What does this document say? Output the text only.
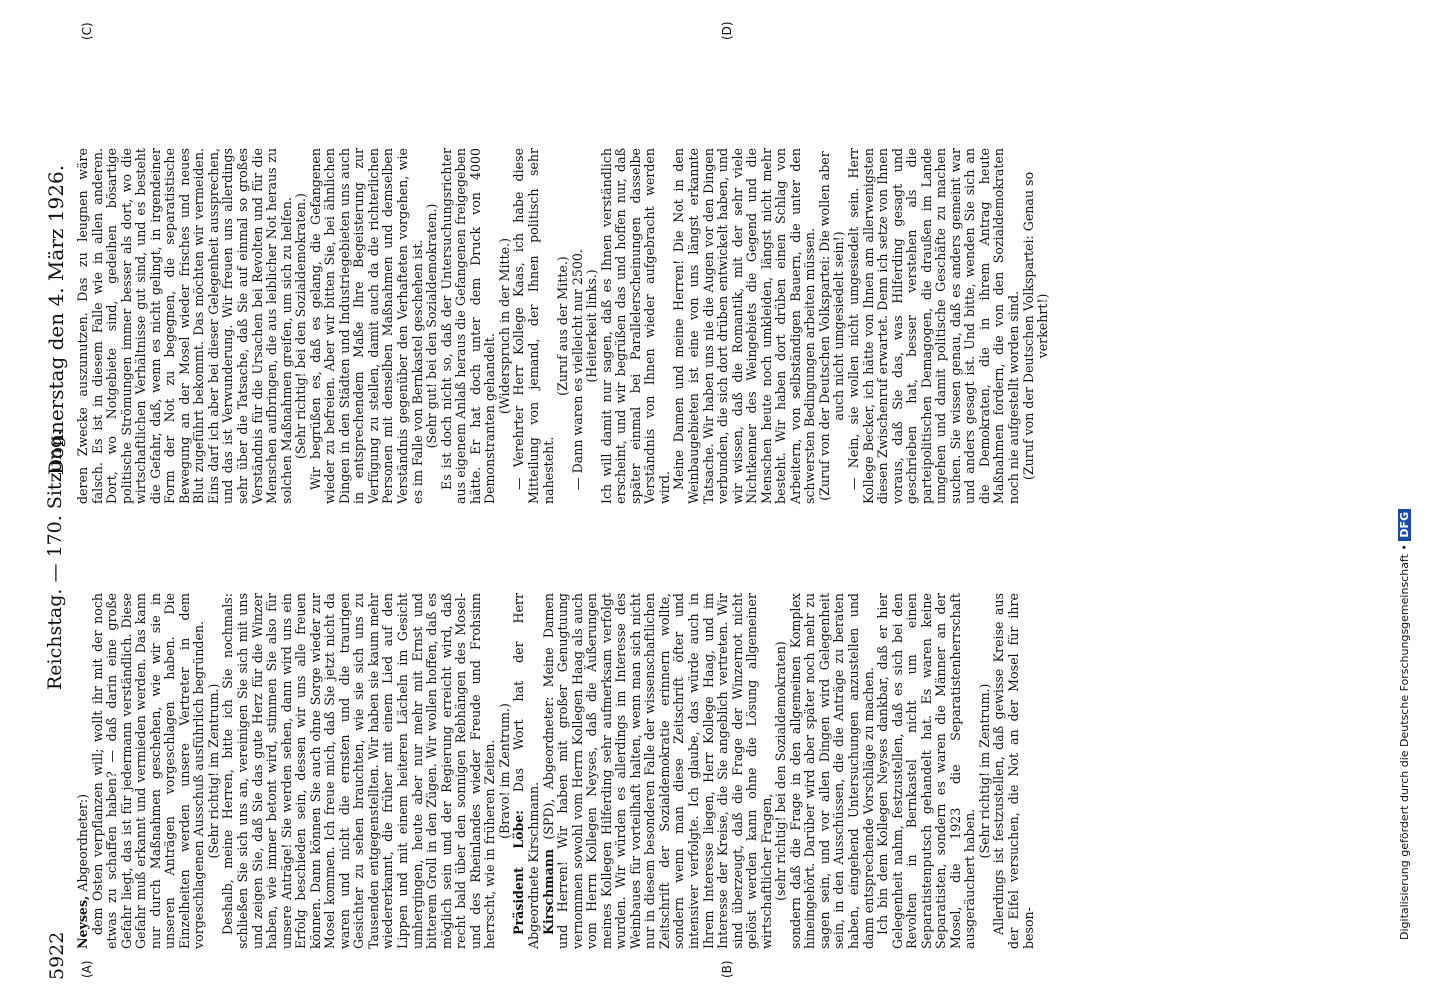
5922
Reichstag. — 170. Sitzung.
Donnerstag den 4. März 1926.
(A)	(B)
(C)	(D)

Neyses, Abgeordneter:) dem Osten verpflanzen will; wollt ihr mit der noch etwas zu schaffen haben? — daß darin eine große Gefahr liegt, das ist für jedermann verständlich. Diese Gefahr muß erkannt und vermieden werden. Das kann nur durch Maßnahmen geschehen, wie wir sie in unseren Anträgen vorgeschlagen haben. Die Einzelheiten werden unsere Vertreter in dem vorgeschlagenen Ausschuß ausführlich begründen. (Sehr richtig! im Zentrum.) Deshalb, meine Herren, bitte ich Sie nochmals: schließen Sie sich uns an, vereinigen Sie sich mit uns und zeigen Sie, daß Sie das gute Herz für die Winzer haben, wie immer betont wird, stimmen Sie also für unsere Anträge! Sie werden sehen, dann wird uns ein Erfolg beschieden sein, dessen wir uns alle freuen können. Dann können Sie auch ohne Sorge wieder zur Mosel kommen. Ich freue mich, daß Sie jetzt nicht da waren und nicht die ernsten und die traurigen Gesichter zu sehen brauchten, wie sie sich uns zu Tausenden entgegenstellten. Wir haben sie kaum mehr wiedererkannt, die früher mit einem Lied auf den Lippen und mit einem heiteren Lächeln im Gesicht umhergingen, heute aber nur mehr mit Ernst und bitterem Groll in den Zügen. Wir wollen hoffen, daß es möglich sein und der Regierung erreicht wird, daß recht bald über den sonnigen Rebhängen des Mosel- und des Rheinlandes wieder Freude und Frohsinn herrscht, wie in früheren Zeiten. (Bravo! im Zentrum.)

Präsident Löbe: Das Wort hat der Herr Abgeordnete Kirschmann. Kirschmann (SPD), Abgeordneter: Meine Damen und Herren! Wir haben mit großer Genugtuung vernommen sowohl vom Herrn Kollegen Haag als auch vom Herrn Kollegen Neyses, daß die Äußerungen meines Kollegen Hilferding sehr aufmerksam verfolgt wurden. Wir würden es allerdings im Interesse des Weinbaues für vorteilhaft halten, wenn man sich nicht nur in diesem besonderen Falle der wissenschaftlichen Zeitschrift der Sozialdemokratie erinnern wollte, sondern wenn man diese Zeitschrift öfter und intensiver verfolgte. Ich glaube, das würde auch in Ihrem Interesse liegen, Herr Kollege Haag, und im Interesse der Kreise, die Sie angeblich vertreten. Wir sind überzeugt, daß die Frage der Winzernot nicht gelöst werden kann ohne die Lösung allgemeiner wirtschaftlicher Fragen, (sehr richtig! bei den Sozialdemokraten) sondern daß die Frage in den allgemeinen Komplex hineingehört. Darüber wird aber später noch mehr zu sagen sein, und vor allen Dingen wird Gelegenheit sein, in den Ausschüssen, die die Anträge zu beraten haben, eingehend Untersuchungen anzustellen und dann entsprechende Vorschläge zu machen. Ich bin dem Kollegen Neyses dankbar, daß er hier Gelegenheit nahm, festzustellen, daß es sich bei den Revolten in Bernkastel nicht um einen Separatistenputsch gehandelt hat. Es waren keine Separatisten, sondern es waren die Männer an der Mosel, die 1923 die Separatistenherrschaft ausgeräuchert haben.

(Sehr richtig! im Zentrum.) Allerdings ist festzustellen, daß gewisse Kreise aus der Eifel versuchen, die Not an der Mosel für ihre beson-

deren Zwecke auszunutzen. Das zu leugnen wäre falsch. Es ist in diesem Falle wie in allen anderen. Dort, wo Notgebiete sind, gedeihen bösartige politische Strömungen immer besser als dort, wo die wirtschaftlichen Verhältnisse gut sind, und es besteht die Gefahr, daß, wenn es nicht gelingt, in irgendeiner Form der Not zu begegnen, die separatistische Bewegung an der Mosel wieder frisches und neues Blut zugeführt bekommt. Das möchten wir vermeiden. Eins darf ich aber bei dieser Gelegenheit aussprechen, und das ist Verwunderung. Wir freuen uns allerdings sehr über die Tatsache, daß Sie auf einmal so großes Verständnis für die Ursachen bei Revolten und für die Menschen aufbringen, die aus leiblicher Not heraus zu solchen Maßnahmen greifen, um sich zu helfen. (Sehr richtig! bei den Sozialdemokraten.) Wir begrüßen es, daß es gelang, die Gefangenen wieder zu befreien. Aber wir bitten Sie, bei ähnlichen Dingen in den Städten und Industriegebieten uns auch in entsprechendem Maße Ihre Begeisterung zur Verfügung zu stellen, damit auch da die richterlichen Personen mit denselben Maßnahmen und demselben Verständnis gegenüber den Verhafteten vorgehen, wie es im Falle von Bernkastel geschehen ist. (Sehr gut! bei den Sozialdemokraten.) Es ist doch nicht so, daß der Untersuchungsrichter aus eigenem Anlaß heraus die Gefangenen freigegeben hätte. Er hat doch unter dem Druck von 4000 Demonstranten gehandelt.

(Widerspruch in der Mitte.) — Verehrter Herr Kollege Kaas, ich habe diese Mitteilung von jemand, der Ihnen politisch sehr nahesteht.

(Zuruf aus der Mitte.) — Dann waren es vielleicht nur 2500. (Heiterkeit links.) Ich will damit nur sagen, daß es Ihnen verständlich erscheint, und wir begrüßen das und hoffen nur, daß später einmal bei Parallelerscheinungen dasselbe Verständnis von Ihnen wieder aufgebracht werden wird. Meine Damen und meine Herren! Die Not in den Weinbaugebieten ist eine von uns längst erkannte Tatsache. Wir haben uns nie die Augen vor den Dingen verbunden, die sich dort drüben entwickelt haben, und wir wissen, daß die Romantik, mit der sehr viele Nichtkenner des Weingebiets die Gegend und die Menschen heute noch umkleiden, längst nicht mehr besteht. Wir haben dort drüben einen Schlag von Arbeitern, von selbständigen Bauern, die unter den schwersten Bedingungen arbeiten müssen. (Zuruf von der Deutschen Volkspartei: Die wollen aber auch nicht umgesiedelt sein!) — Nein, sie wollen nicht umgesiedelt sein. Herr Kollege Becker, ich hätte von Ihnen am allerwenigsten diesen Zwischenruf erwartet. Denn ich setze von Ihnen voraus, daß Sie das, was Hilferding gesagt und geschrieben hat, besser verstehen als die parteipolitischen Demagogen, die draußen im Lande umgehen und damit politische Geschäfte zu machen suchen. Sie wissen genau, daß es anders gemeint war und anders gesagt ist. Und bitte, wenden Sie sich an die Demokraten, die in ihrem Antrag heute Maßnahmen fordern, die von den Sozialdemokraten noch nie aufgestellt worden sind. (Zuruf von der Deutschen Volkspartei: Genau so verkehrt!)

Digitalisierung gefördert durch die Deutsche Forschungsgemeinschaft • DFG
